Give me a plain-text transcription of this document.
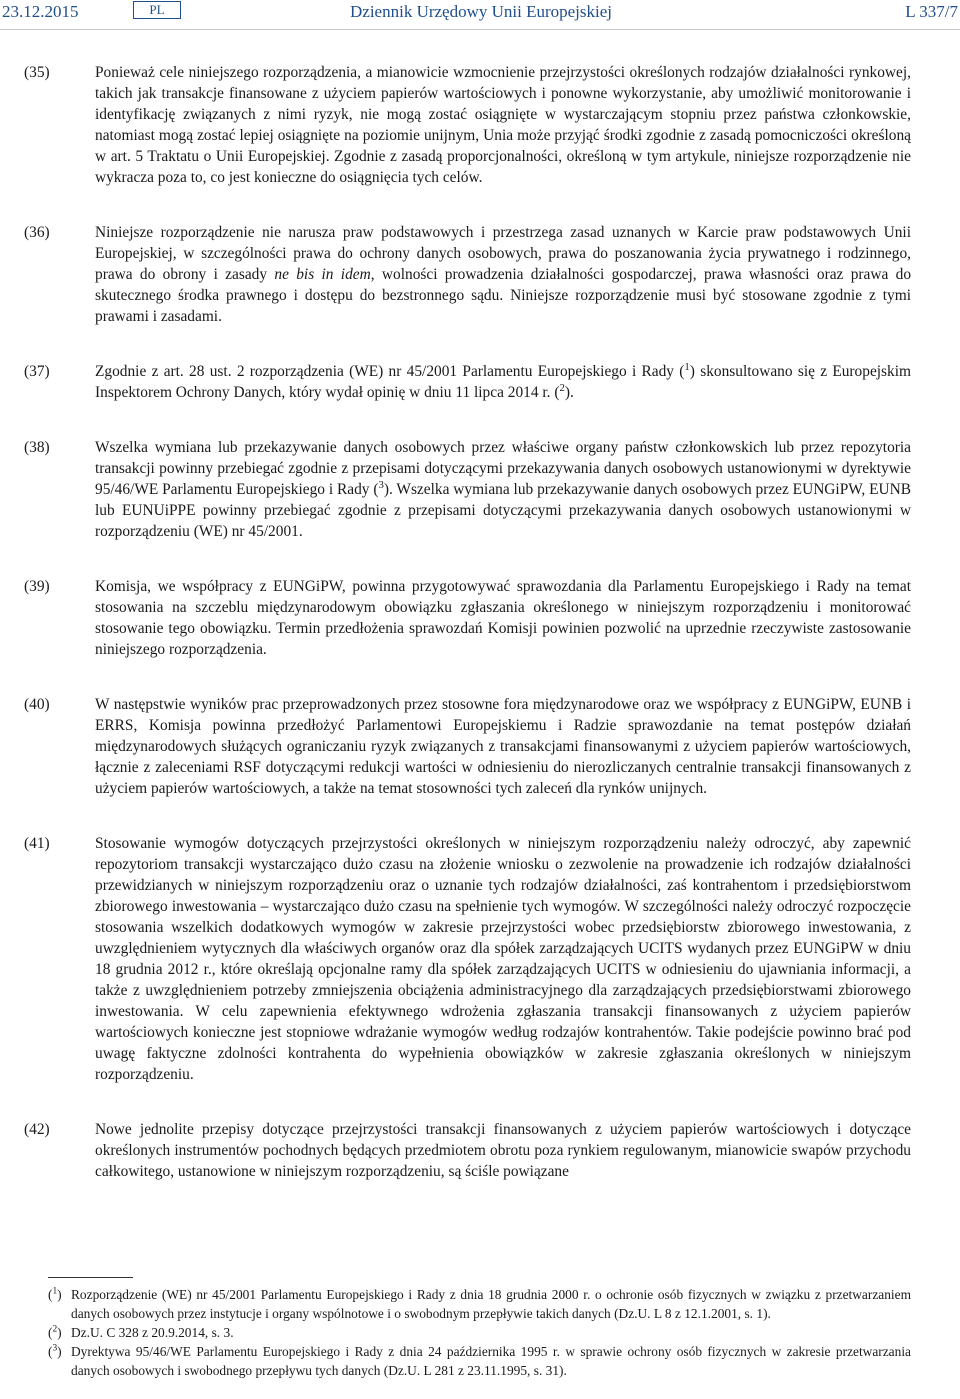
23.12.2015	PL	Dziennik Urzędowy Unii Europejskiej	L 337/7
(35)	Ponieważ cele niniejszego rozporządzenia, a mianowicie wzmocnienie przejrzystości określonych rodzajów działalności rynkowej, takich jak transakcje finansowane z użyciem papierów wartościowych i ponowne wykorzystanie, aby umożliwić monitorowanie i identyfikację związanych z nimi ryzyk, nie mogą zostać osiągnięte w wystarczającym stopniu przez państwa członkowskie, natomiast mogą zostać lepiej osiągnięte na poziomie unijnym, Unia może przyjąć środki zgodnie z zasadą pomocniczości określoną w art. 5 Traktatu o Unii Europejskiej. Zgodnie z zasadą proporcjonalności, określoną w tym artykule, niniejsze rozporządzenie nie wykracza poza to, co jest konieczne do osiągnięcia tych celów.
(36)	Niniejsze rozporządzenie nie narusza praw podstawowych i przestrzega zasad uznanych w Karcie praw podstawowych Unii Europejskiej, w szczególności prawa do ochrony danych osobowych, prawa do poszanowania życia prywatnego i rodzinnego, prawa do obrony i zasady ne bis in idem, wolności prowadzenia działalności gospodarczej, prawa własności oraz prawa do skutecznego środka prawnego i dostępu do bezstronnego sądu. Niniejsze rozporządzenie musi być stosowane zgodnie z tymi prawami i zasadami.
(37)	Zgodnie z art. 28 ust. 2 rozporządzenia (WE) nr 45/2001 Parlamentu Europejskiego i Rady ($^1$) skonsultowano się z Europejskim Inspektorem Ochrony Danych, który wydał opinię w dniu 11 lipca 2014 r. ($^2$).
(38)	Wszelka wymiana lub przekazywanie danych osobowych przez właściwe organy państw członkowskich lub przez repozytoria transakcji powinny przebiegać zgodnie z przepisami dotyczącymi przekazywania danych osobowych ustanowionymi w dyrektywie 95/46/WE Parlamentu Europejskiego i Rady ($^3$). Wszelka wymiana lub przekazywanie danych osobowych przez EUNGiPW, EUNB lub EUNUiPPE powinny przebiegać zgodnie z przepisami dotyczącymi przekazywania danych osobowych ustanowionymi w rozporządzeniu (WE) nr 45/2001.
(39)	Komisja, we współpracy z EUNGiPW, powinna przygotowywać sprawozdania dla Parlamentu Europejskiego i Rady na temat stosowania na szczeblu międzynarodowym obowiązku zgłaszania określonego w niniejszym rozporządzeniu i monitorować stosowanie tego obowiązku. Termin przedłożenia sprawozdań Komisji powinien pozwolić na uprzednie rzeczywiste zastosowanie niniejszego rozporządzenia.
(40)	W następstwie wyników prac przeprowadzonych przez stosowne fora międzynarodowe oraz we współpracy z EUNGiPW, EUNB i ERRS, Komisja powinna przedłożyć Parlamentowi Europejskiemu i Radzie sprawozdanie na temat postępów działań międzynarodowych służących ograniczaniu ryzyk związanych z transakcjami finansowanymi z użyciem papierów wartościowych, łącznie z zaleceniami RSF dotyczącymi redukcji wartości w odniesieniu do nierozliczanych centralnie transakcji finansowanych z użyciem papierów wartościowych, a także na temat stosowności tych zaleceń dla rynków unijnych.
(41)	Stosowanie wymogów dotyczących przejrzystości określonych w niniejszym rozporządzeniu należy odroczyć, aby zapewnić repozytoriom transakcji wystarczająco dużo czasu na złożenie wniosku o zezwolenie na prowadzenie ich rodzajów działalności przewidzianych w niniejszym rozporządzeniu oraz o uznanie tych rodzajów działalności, zaś kontrahentom i przedsiębiorstwom zbiorowego inwestowania – wystarczająco dużo czasu na spełnienie tych wymogów. W szczególności należy odroczyć rozpoczęcie stosowania wszelkich dodatkowych wymogów w zakresie przejrzystości wobec przedsiębiorstw zbiorowego inwestowania, z uwzględnieniem wytycznych dla właściwych organów oraz dla spółek zarządzających UCITS wydanych przez EUNGiPW w dniu 18 grudnia 2012 r., które określają opcjonalne ramy dla spółek zarządzających UCITS w odniesieniu do ujawniania informacji, a także z uwzględnieniem potrzeby zmniejszenia obciążenia administracyjnego dla zarządzających przedsiębiorstwami zbiorowego inwestowania. W celu zapewnienia efektywnego wdrożenia zgłaszania transakcji finansowanych z użyciem papierów wartościowych konieczne jest stopniowe wdrażanie wymogów według rodzajów kontrahentów. Takie podejście powinno brać pod uwagę faktyczne zdolności kontrahenta do wypełnienia obowiązków w zakresie zgłaszania określonych w niniejszym rozporządzeniu.
(42)	Nowe jednolite przepisy dotyczące przejrzystości transakcji finansowanych z użyciem papierów wartościowych i dotyczące określonych instrumentów pochodnych będących przedmiotem obrotu poza rynkiem regulowanym, mianowicie swapów przychodu całkowitego, ustanowione w niniejszym rozporządzeniu, są ściśle powiązane
($^1$) Rozporządzenie (WE) nr 45/2001 Parlamentu Europejskiego i Rady z dnia 18 grudnia 2000 r. o ochronie osób fizycznych w związku z przetwarzaniem danych osobowych przez instytucje i organy wspólnotowe i o swobodnym przepływie takich danych (Dz.U. L 8 z 12.1.2001, s. 1).
($^2$) Dz.U. C 328 z 20.9.2014, s. 3.
($^3$) Dyrektywa 95/46/WE Parlamentu Europejskiego i Rady z dnia 24 października 1995 r. w sprawie ochrony osób fizycznych w zakresie przetwarzania danych osobowych i swobodnego przepływu tych danych (Dz.U. L 281 z 23.11.1995, s. 31).
